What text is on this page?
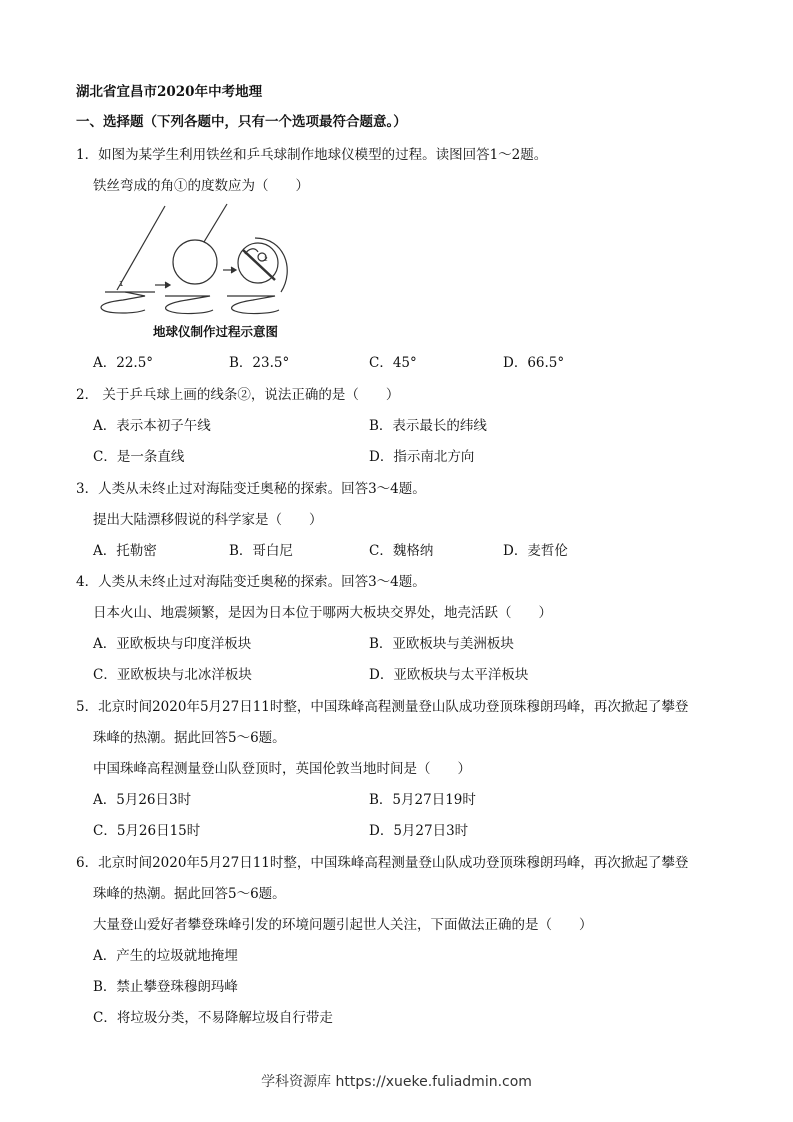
湖北省宜昌市2020年中考地理
一、选择题（下列各题中，只有一个选项最符合题意。）
1．如图为某学生利用铁丝和乒乓球制作地球仪模型的过程。读图回答1～2题。
铁丝弯成的角①的度数应为（　　）
1
2
地球仪制作过程示意图
A．22.5°	B．23.5°	C．45°	D．66.5°
2． 关于乒乓球上画的线条②，说法正确的是（　　）
A．表示本初子午线	B．表示最长的纬线
C．是一条直线	D．指示南北方向
3．人类从未终止过对海陆变迁奥秘的探索。回答3～4题。
提出大陆漂移假说的科学家是（　　）
A．托勒密	B．哥白尼	C．魏格纳	D．麦哲伦
4．人类从未终止过对海陆变迁奥秘的探索。回答3～4题。
日本火山、地震频繁，是因为日本位于哪两大板块交界处，地壳活跃（　　）
A．亚欧板块与印度洋板块	B．亚欧板块与美洲板块
C．亚欧板块与北冰洋板块	D．亚欧板块与太平洋板块
5．北京时间2020年5月27日11时整，中国珠峰高程测量登山队成功登顶珠穆朗玛峰，再次掀起了攀登
珠峰的热潮。据此回答5～6题。
中国珠峰高程测量登山队登顶时，英国伦敦当地时间是（　　）
A．5月26日3时	B．5月27日19时
C．5月26日15时	D．5月27日3时
6．北京时间2020年5月27日11时整，中国珠峰高程测量登山队成功登顶珠穆朗玛峰，再次掀起了攀登
珠峰的热潮。据此回答5～6题。
大量登山爱好者攀登珠峰引发的环境问题引起世人关注，下面做法正确的是（　　）
A．产生的垃圾就地掩埋
B．禁止攀登珠穆朗玛峰
C．将垃圾分类，不易降解垃圾自行带走
学科资源库 https://xueke.fuliadmin.com
